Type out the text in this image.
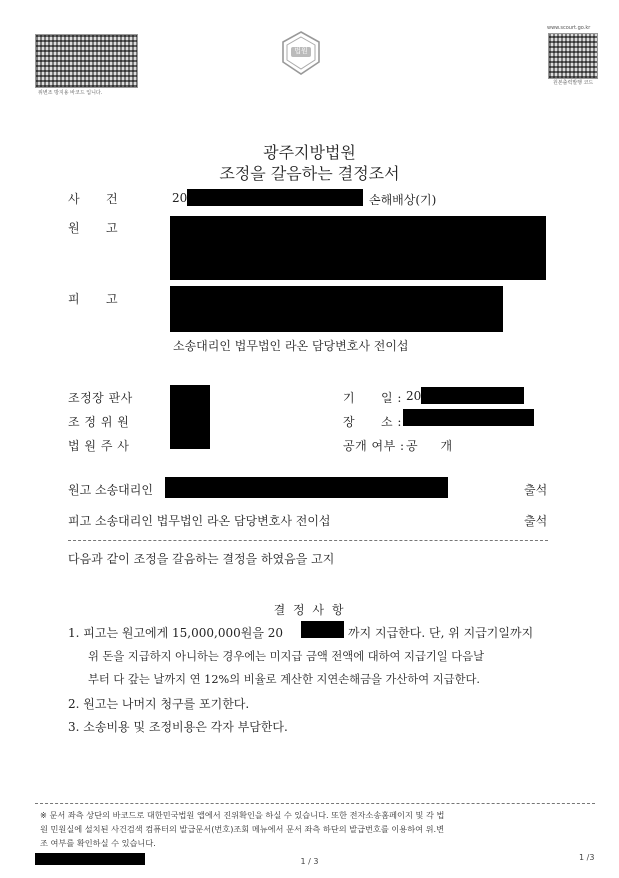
위변조 방지용 바코드 입니다.
www.scourt.go.kr
원본출력발행 코드
법원
광주지방법원
조정을 갈음하는 결정조서
사      건	20	손해배상(기)
원      고
피      고
소송대리인 법무법인 라온 담당변호사 전이섭
조정장 판사
조 정 위 원
법 원 주 사
기      일 : 20
장      소 :
공개 여부 : 공      개
원고 소송대리인	출석
피고 소송대리인 법무법인 라온 담당변호사 전이섭	출석
다음과 같이 조정을 갈음하는 결정을 하였음을 고지
결 정 사 항
1. 피고는 원고에게 15,000,000원을 20	까지 지급한다. 단, 위 지급기일까지
위 돈을 지급하지 아니하는 경우에는 미지급 금액 전액에 대하여 지급기일 다음날
부터 다 갚는 날까지 연 12%의 비율로 계산한 지연손해금을 가산하여 지급한다.
2. 원고는 나머지 청구를 포기한다.
3. 소송비용 및 조정비용은 각자 부담한다.
※ 문서 좌측 상단의 바코드로 대한민국법원 앱에서 진위확인을 하실 수 있습니다. 또한 전자소송홈페이지 및 각 법
원 민원실에 설치된 사건검색 컴퓨터의 발급문서(번호)조회 메뉴에서 문서 좌측 하단의 발급번호를 이용하여 위.변
조 여부를 확인하실 수 있습니다.
1 / 3	1 /3
